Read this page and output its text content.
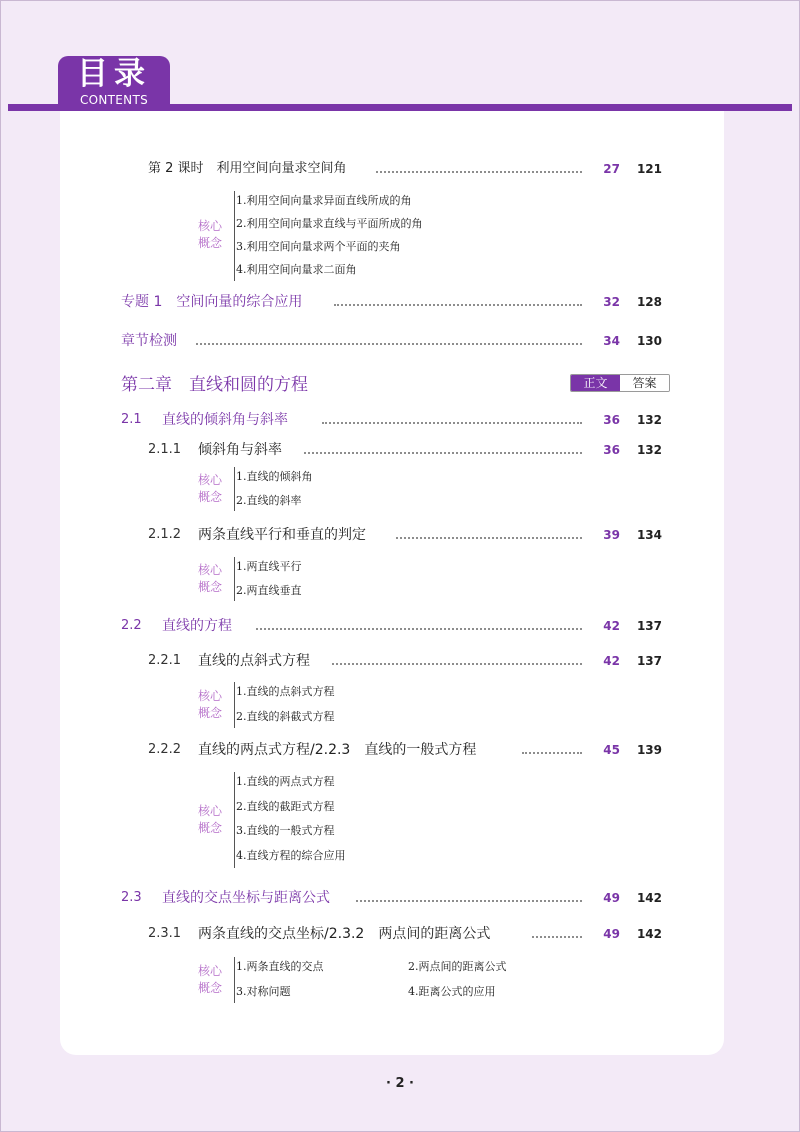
目录
CONTENTS
第 2 课时　利用空间向量求空间角	27	121
核心
概念
1.利用空间向量求异面直线所成的角
2.利用空间向量求直线与平面所成的角
3.利用空间向量求两个平面的夹角
4.利用空间向量求二面角
专题 1　空间向量的综合应用	32	128
章节检测	34	130
第二章　直线和圆的方程	正文	答案
2.1 直线的倾斜角与斜率	36	132
2.1.1 倾斜角与斜率	36	132
核心
概念
1.直线的倾斜角
2.直线的斜率
2.1.2 两条直线平行和垂直的判定	39	134
核心
概念
1.两直线平行
2.两直线垂直
2.2 直线的方程	42	137
2.2.1 直线的点斜式方程	42	137
核心
概念
1.直线的点斜式方程
2.直线的斜截式方程
2.2.2 直线的两点式方程/2.2.3　直线的一般式方程	45	139
核心
概念
1.直线的两点式方程
2.直线的截距式方程
3.直线的一般式方程
4.直线方程的综合应用
2.3 直线的交点坐标与距离公式	49	142
2.3.1 两条直线的交点坐标/2.3.2　两点间的距离公式	49	142
核心
概念
1.两条直线的交点	2.两点间的距离公式
3.对称问题	4.距离公式的应用
· 2 ·
